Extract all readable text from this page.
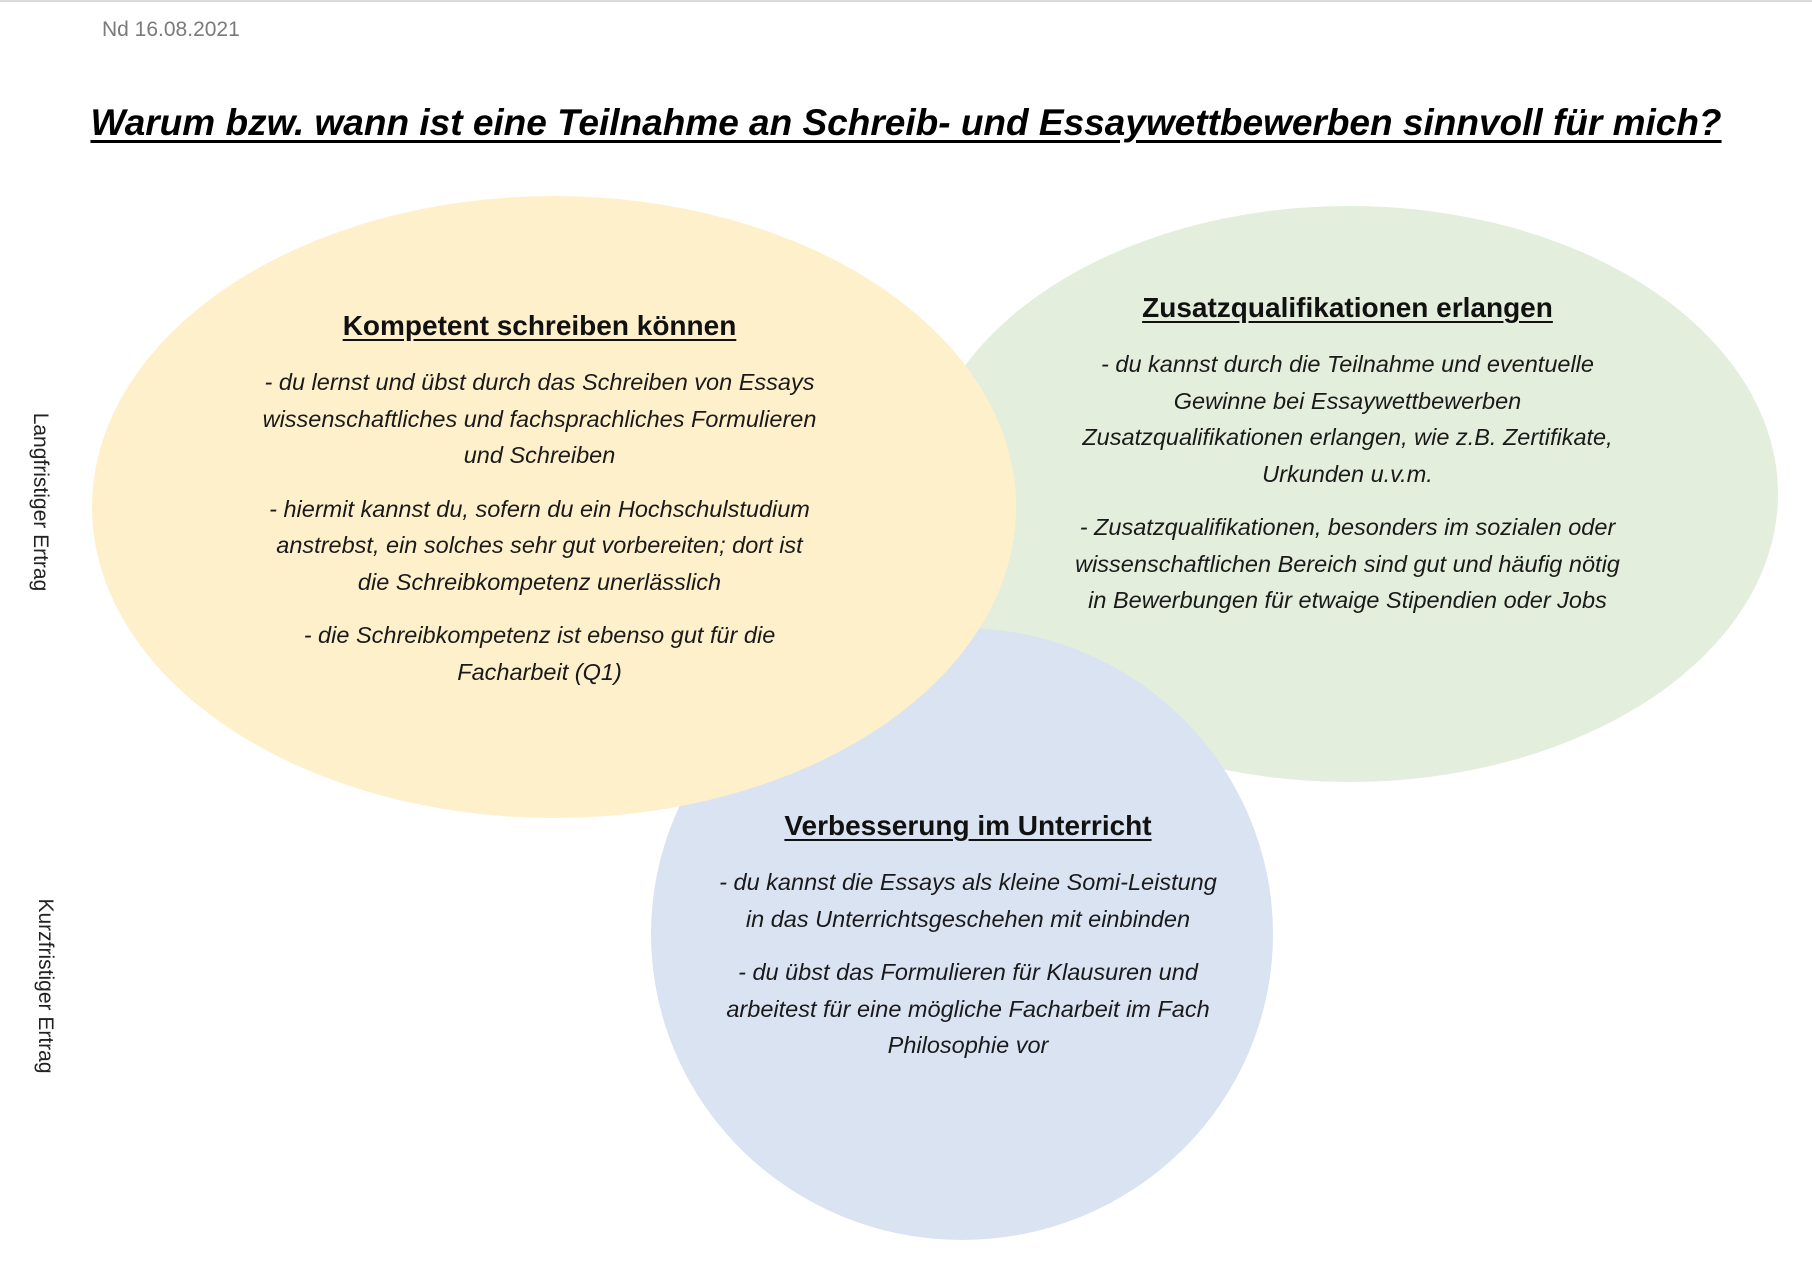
Nd 16.08.2021
Warum bzw. wann ist eine Teilnahme an Schreib- und Essaywettbewerben sinnvoll für mich?
Langfristiger Ertrag
Kurzfristiger Ertrag

Kompetent schreiben können

- du lernst und übst durch das Schreiben von Essays wissenschaftliches und fachsprachliches Formulieren und Schreiben

- hiermit kannst du, sofern du ein Hochschulstudium anstrebst, ein solches sehr gut vorbereiten; dort ist die Schreibkompetenz unerlässlich

- die Schreibkompetenz ist ebenso gut für die Facharbeit (Q1)

Zusatzqualifikationen erlangen

- du kannst durch die Teilnahme und eventuelle Gewinne bei Essaywettbewerben Zusatzqualifikationen erlangen, wie z.B. Zertifikate, Urkunden u.v.m.

- Zusatzqualifikationen, besonders im sozialen oder wissenschaftlichen Bereich sind gut und häufig nötig in Bewerbungen für etwaige Stipendien oder Jobs

Verbesserung im Unterricht

- du kannst die Essays als kleine Somi-Leistung in das Unterrichtsgeschehen mit einbinden

- du übst das Formulieren für Klausuren und arbeitest für eine mögliche Facharbeit im Fach Philosophie vor
